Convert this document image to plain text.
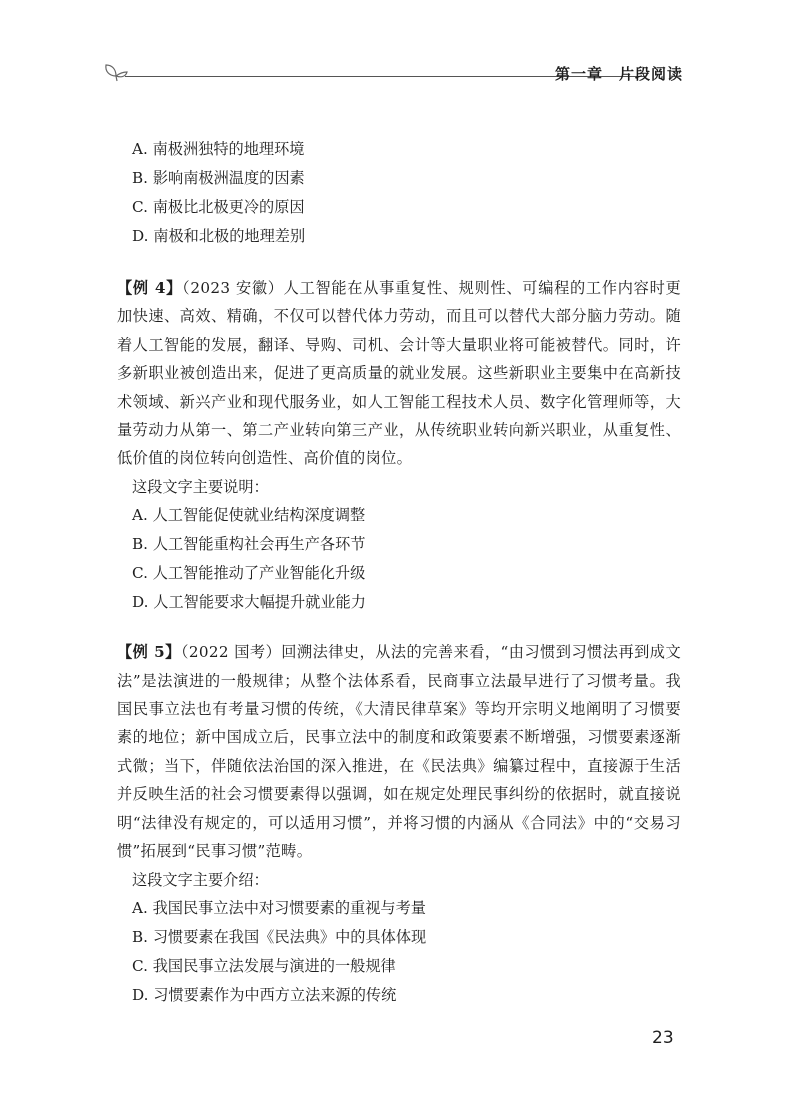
第一章　片段阅读
A. 南极洲独特的地理环境
B. 影响南极洲温度的因素
C. 南极比北极更冷的原因
D. 南极和北极的地理差别

【例 4】（2023 安徽）人工智能在从事重复性、规则性、可编程的工作内容时更加快速、高效、精确，不仅可以替代体力劳动，而且可以替代大部分脑力劳动。随着人工智能的发展，翻译、导购、司机、会计等大量职业将可能被替代。同时，许多新职业被创造出来，促进了更高质量的就业发展。这些新职业主要集中在高新技术领域、新兴产业和现代服务业，如人工智能工程技术人员、数字化管理师等，大量劳动力从第一、第二产业转向第三产业，从传统职业转向新兴职业，从重复性、低价值的岗位转向创造性、高价值的岗位。

这段文字主要说明：
A. 人工智能促使就业结构深度调整
B. 人工智能重构社会再生产各环节
C. 人工智能推动了产业智能化升级
D. 人工智能要求大幅提升就业能力

【例 5】（2022 国考）回溯法律史，从法的完善来看，“由习惯到习惯法再到成文法”是法演进的一般规律；从整个法体系看，民商事立法最早进行了习惯考量。我国民事立法也有考量习惯的传统，《大清民律草案》等均开宗明义地阐明了习惯要素的地位；新中国成立后，民事立法中的制度和政策要素不断增强，习惯要素逐渐式微；当下，伴随依法治国的深入推进，在《民法典》编纂过程中，直接源于生活并反映生活的社会习惯要素得以强调，如在规定处理民事纠纷的依据时，就直接说明“法律没有规定的，可以适用习惯”，并将习惯的内涵从《合同法》中的“交易习惯”拓展到“民事习惯”范畴。

这段文字主要介绍：
A. 我国民事立法中对习惯要素的重视与考量
B. 习惯要素在我国《民法典》中的具体体现
C. 我国民事立法发展与演进的一般规律
D. 习惯要素作为中西方立法来源的传统
23
